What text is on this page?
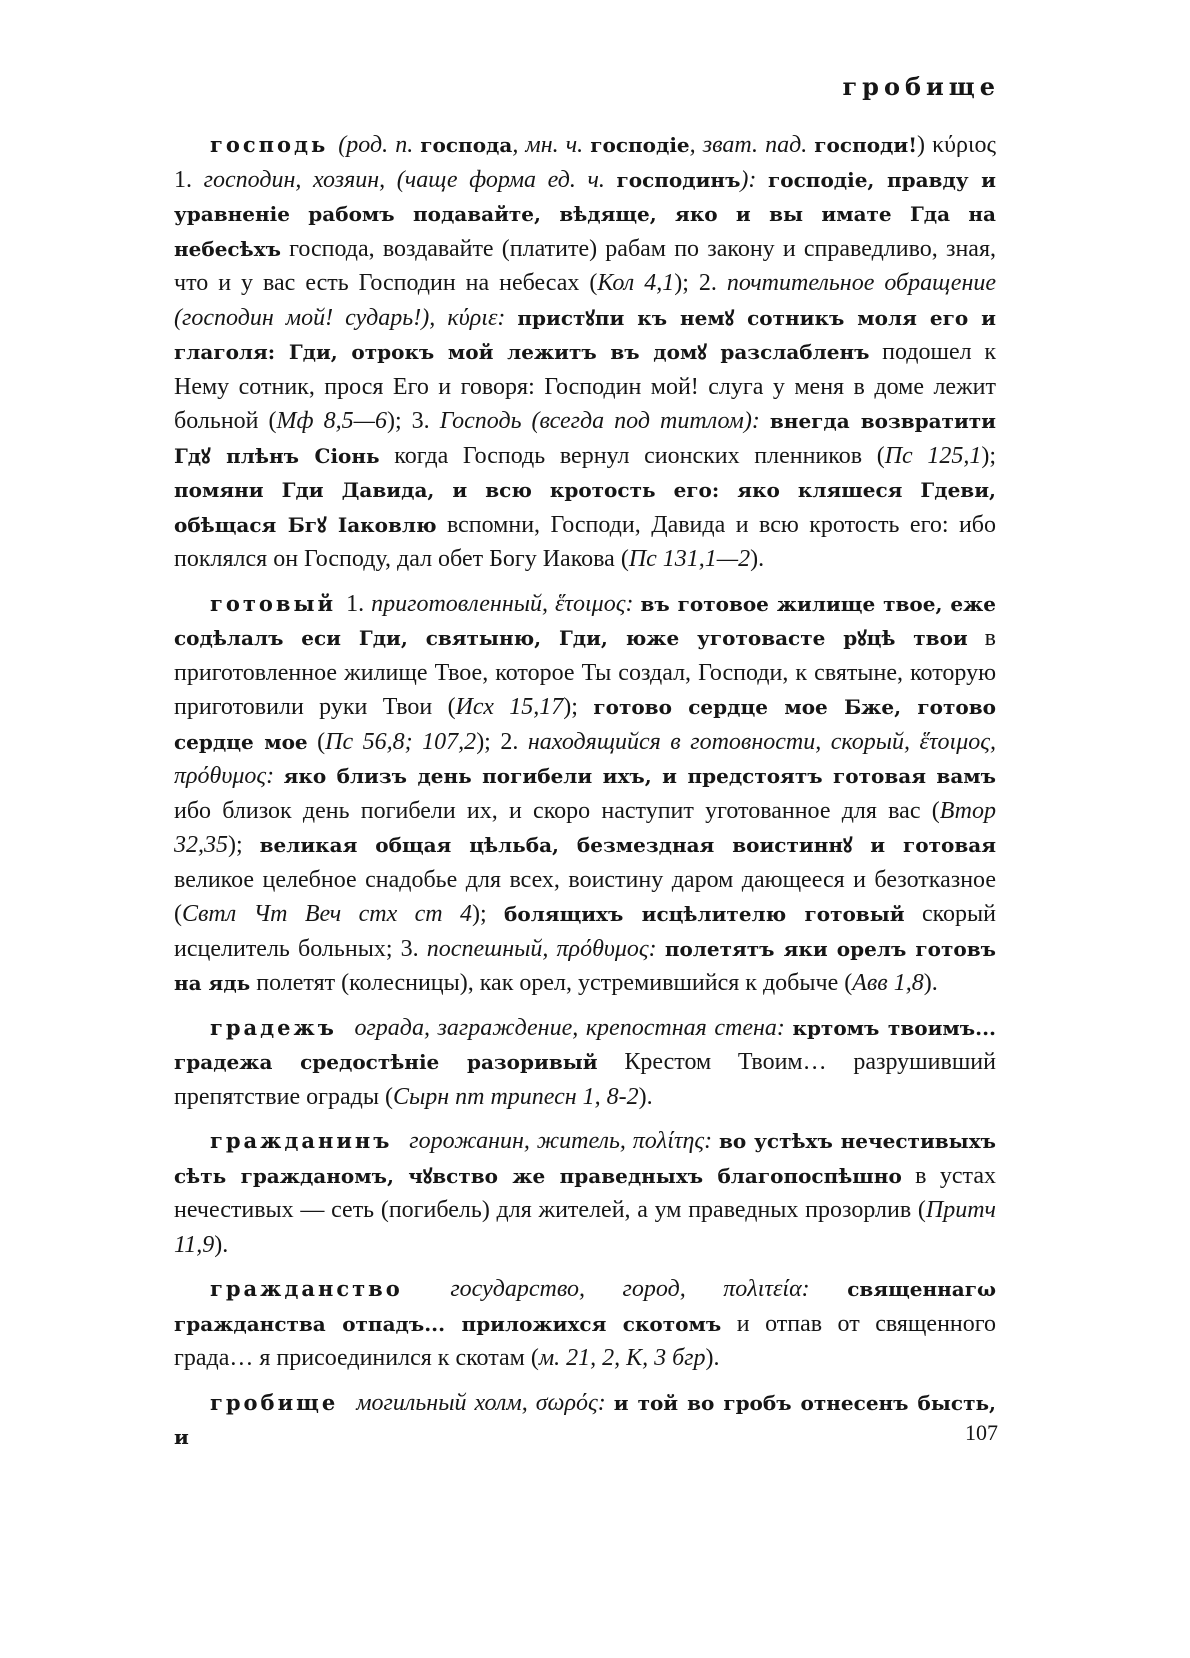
гробище

господь (род. п. господа, мн. ч. господіе, зват. пад. господи!) κύριος 1. господин, хозяин, (чаще форма ед. ч. господинъ): господіе, правду и уравненіе рабомъ подавайте, вѣдяще, яко и вы имате Гда на небесѣхъ господа, воздавайте (платите) рабам по закону и справедливо, зная, что и у вас есть Господин на небесах (Кол 4,1); 2. почтительное обращение (господин мой! сударь!), κύριε: пристꙋпи къ немꙋ сотникъ моля его и глаголя: Гди, отрокъ мой лежитъ въ домꙋ разслабленъ подошел к Нему сотник, прося Его и говоря: Господин мой! слуга у меня в доме лежит больной (Мф 8,5—6); 3. Господь (всегда под титлом): внегда возвратити Гдꙋ плѣнъ Сіонь когда Господь вернул сионских пленников (Пс 125,1); помяни Гди Давида, и всю кротость его: яко кляшеся Гдеви, обѣщася Бгꙋ Іаковлю вспомни, Господи, Давида и всю кротость его: ибо поклялся он Господу, дал обет Богу Иакова (Пс 131,1—2).

готовый 1. приготовленный, ἕτοιμος: въ готовое жилище твое, еже содѣлалъ еси Гди, святыню, Гди, юже уготовасте рꙋцѣ твои в приготовленное жилище Твое, которое Ты создал, Господи, к святыне, которую приготовили руки Твои (Исх 15,17); готово сердце мое Бже, готово сердце мое (Пс 56,8; 107,2); 2. находящийся в готовности, скорый, ἕτοιμος, πρόθυμος: яко близъ день погибели ихъ, и предстоятъ готовая вамъ ибо близок день погибели их, и скоро наступит уготованное для вас (Втор 32,35); великая общая цѣльба, безмездная воистиннꙋ и готовая великое целебное снадобье для всех, воистину даром дающееся и безотказное (Свтл Чт Веч стх ст 4); болящихъ исцѣлителю готовый скорый исцелитель больных; 3. поспешный, πρόθυμος: полетятъ яки орелъ готовъ на ядь полетят (колесницы), как орел, устремившийся к добыче (Авв 1,8).

градежъ ограда, заграждение, крепостная стена: кртомъ твоимъ... градежа средостѣніе разоривый Крестом Твоим… разрушивший препятствие ограды (Сырн пт трипесн 1, 8-2).

гражданинъ горожанин, житель, πολίτης: во устѣхъ нечестивыхъ сѣть гражданомъ, чꙋвство же праведныхъ благопоспѣшно в устах нечестивых — сеть (погибель) для жителей, а ум праведных прозорлив (Притч 11,9).

гражданство государство, город, πολιτεία: священнагω гражданства отпадъ... приложихся скотомъ и отпав от священного града… я присоединился к скотам (м. 21, 2, К, 3 бгр).

гробище могильный холм, σωρός: и той во гробъ отнесенъ бысть, и	107
